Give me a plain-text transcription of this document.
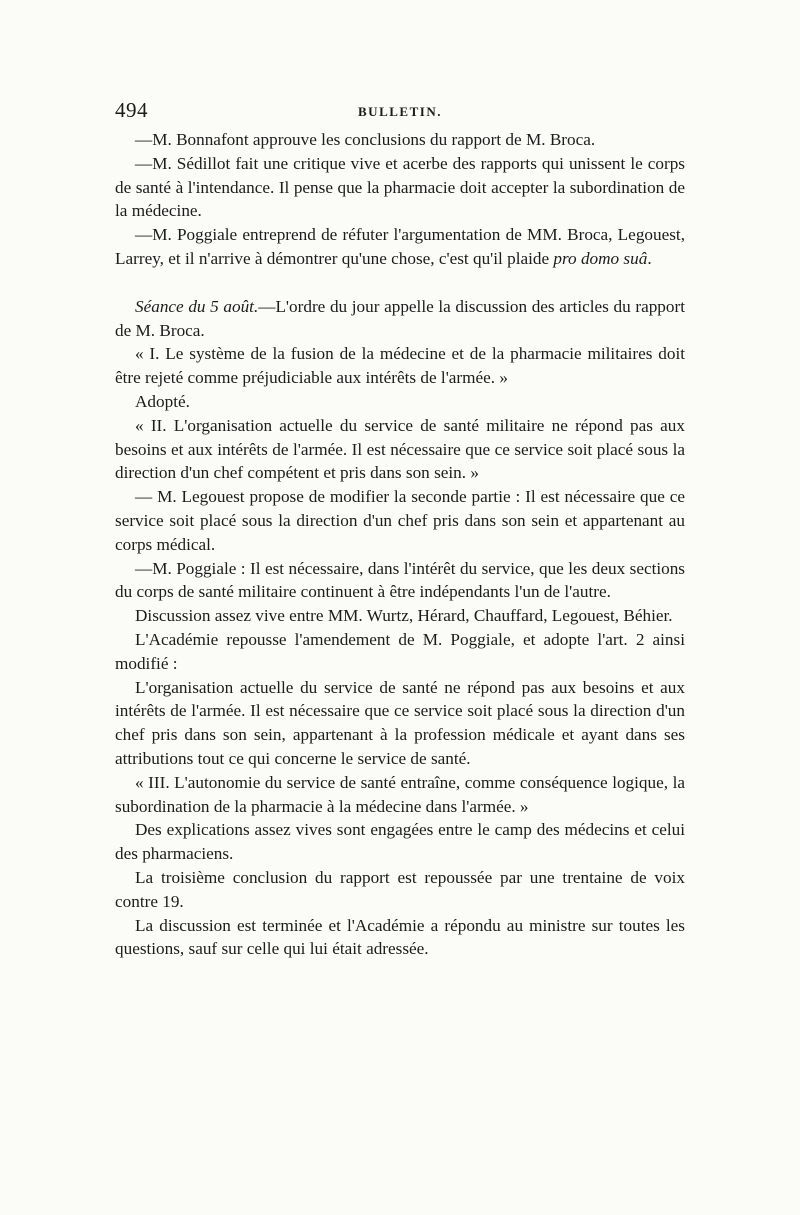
494	BULLETIN.

—M. Bonnafont approuve les conclusions du rapport de M. Broca.

—M. Sédillot fait une critique vive et acerbe des rapports qui unissent le corps de santé à l'intendance. Il pense que la pharmacie doit accepter la subordination de la médecine.

—M. Poggiale entreprend de réfuter l'argumentation de MM. Broca, Legouest, Larrey, et il n'arrive à démontrer qu'une chose, c'est qu'il plaide pro domo suâ.

Séance du 5 août.—L'ordre du jour appelle la discussion des articles du rapport de M. Broca.

« I. Le système de la fusion de la médecine et de la pharmacie militaires doit être rejeté comme préjudiciable aux intérêts de l'armée. »

Adopté.

« II. L'organisation actuelle du service de santé militaire ne répond pas aux besoins et aux intérêts de l'armée. Il est nécessaire que ce service soit placé sous la direction d'un chef compétent et pris dans son sein. »

— M. Legouest propose de modifier la seconde partie : Il est nécessaire que ce service soit placé sous la direction d'un chef pris dans son sein et appartenant au corps médical.

—M. Poggiale : Il est nécessaire, dans l'intérêt du service, que les deux sections du corps de santé militaire continuent à être indépendants l'un de l'autre.

Discussion assez vive entre MM. Wurtz, Hérard, Chauffard, Legouest, Béhier.

L'Académie repousse l'amendement de M. Poggiale, et adopte l'art. 2 ainsi modifié :

L'organisation actuelle du service de santé ne répond pas aux besoins et aux intérêts de l'armée. Il est nécessaire que ce service soit placé sous la direction d'un chef pris dans son sein, appartenant à la profession médicale et ayant dans ses attributions tout ce qui concerne le service de santé.

« III. L'autonomie du service de santé entraîne, comme conséquence logique, la subordination de la pharmacie à la médecine dans l'armée. »

Des explications assez vives sont engagées entre le camp des médecins et celui des pharmaciens.

La troisième conclusion du rapport est repoussée par une trentaine de voix contre 19.

La discussion est terminée et l'Académie a répondu au ministre sur toutes les questions, sauf sur celle qui lui était adressée.
